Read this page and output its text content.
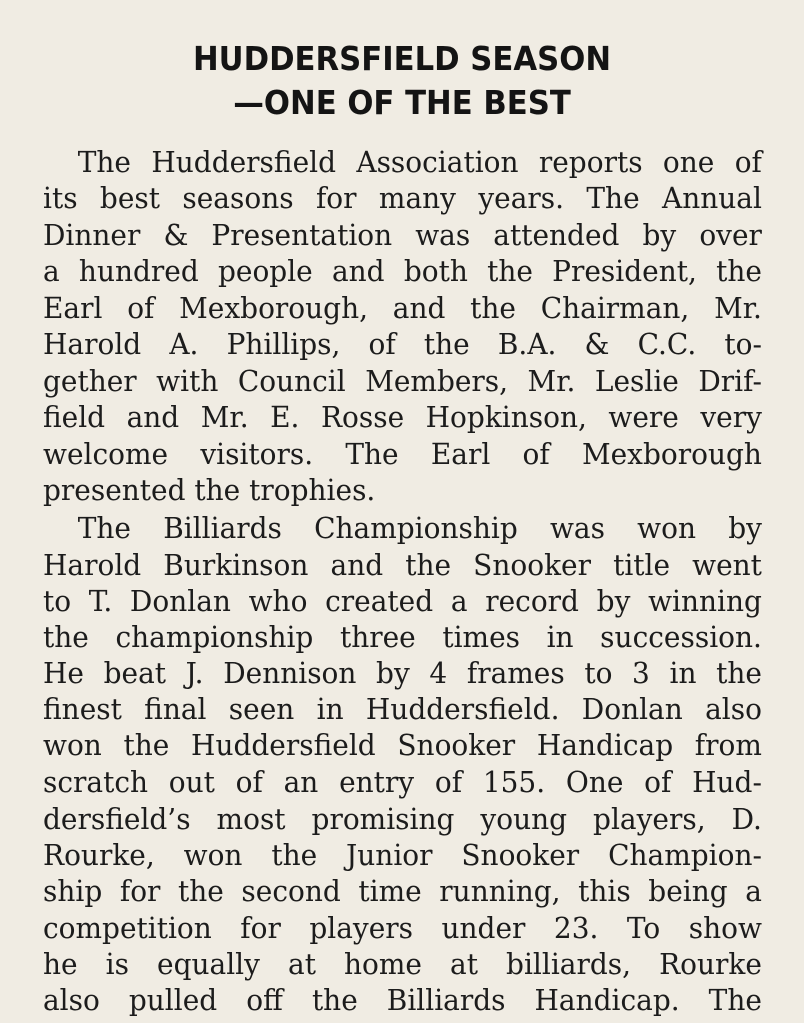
HUDDERSFIELD SEASON
—ONE OF THE BEST
The Huddersfield Association reports one of
its best seasons for many years. The Annual
Dinner & Presentation was attended by over
a hundred people and both the President, the
Earl of Mexborough, and the Chairman, Mr.
Harold A. Phillips, of the B.A. & C.C. to-
gether with Council Members, Mr. Leslie Drif-
field and Mr. E. Rosse Hopkinson, were very
welcome visitors. The Earl of Mexborough
presented the trophies.
The Billiards Championship was won by
Harold Burkinson and the Snooker title went
to T. Donlan who created a record by winning
the championship three times in succession.
He beat J. Dennison by 4 frames to 3 in the
finest final seen in Huddersfield. Donlan also
won the Huddersfield Snooker Handicap from
scratch out of an entry of 155. One of Hud-
dersfield’s most promising young players, D.
Rourke, won the Junior Snooker Champion-
ship for the second time running, this being a
competition for players under 23. To show
he is equally at home at billiards, Rourke
also pulled off the Billiards Handicap. The
